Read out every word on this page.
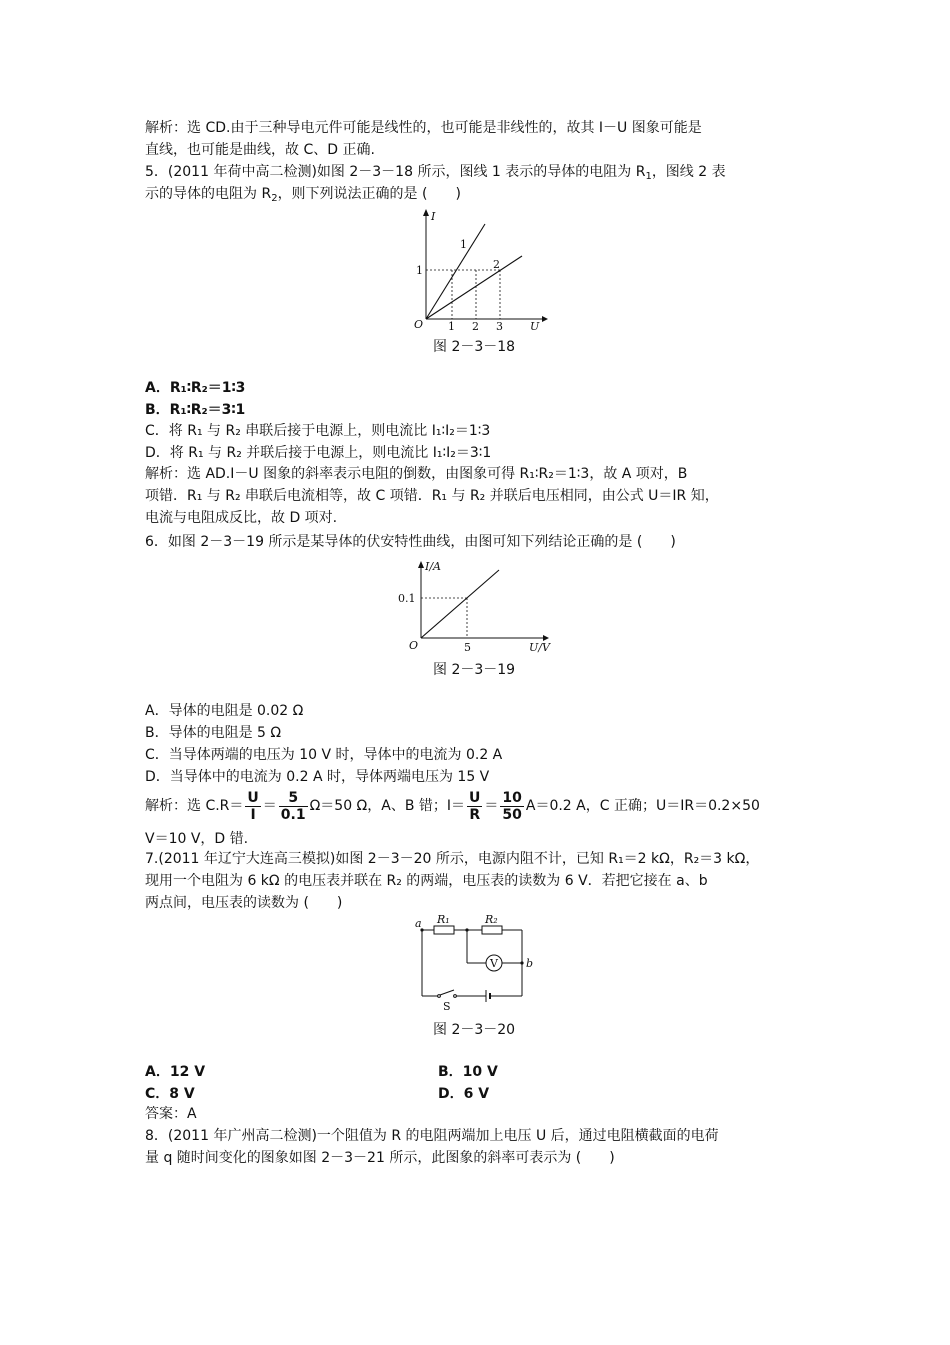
解析：选 CD.由于三种导电元件可能是线性的，也可能是非线性的，故其 I－U 图象可能是
直线，也可能是曲线，故 C、D 正确.
5．(2011 年荷中高二检测)如图 2－3－18 所示，图线 1 表示的导体的电阻为 $R_1$，图线 2 表
示的导体的电阻为 $R_2$，则下列说法正确的是 (　　)
I
U
O
1
1 2 3
1
2
图 2－3－18
A．R₁∶R₂＝1∶3
B．R₁∶R₂＝3∶1
C．将 R₁ 与 R₂ 串联后接于电源上，则电流比 I₁∶I₂＝1∶3
D．将 R₁ 与 R₂ 并联后接于电源上，则电流比 I₁∶I₂＝3∶1
解析：选 AD.I－U 图象的斜率表示电阻的倒数，由图象可得 R₁∶R₂＝1∶3，故 A 项对，B
项错．R₁ 与 R₂ 串联后电流相等，故 C 项错．R₁ 与 R₂ 并联后电压相同，由公式 U＝IR 知，
电流与电阻成反比，故 D 项对.
6．如图 2－3－19 所示是某导体的伏安特性曲线，由图可知下列结论正确的是 (　　)
I/A
U/V
O
0.1
5
图 2－3－19
A．导体的电阻是 0.02 Ω
B．导体的电阻是 5 Ω
C．当导体两端的电压为 10 V 时，导体中的电流为 0.2 A
D．当导体中的电流为 0.2 A 时，导体两端电压为 15 V
解析：选 $C.R= \frac{U}{I} = \frac{5}{0.1} \Omega=50$ Ω，A、B 错；$I= \frac{U}{R} = \frac{10}{50} A=0.2$ A，C 正确；U＝IR＝0.2×50
V＝10 V，D 错.
7.(2011 年辽宁大连高三模拟)如图 2－3－20 所示，电源内阻不计，已知 R₁＝2 kΩ，R₂＝3 kΩ，
现用一个电阻为 6 kΩ 的电压表并联在 R₂ 的两端，电压表的读数为 6 V．若把它接在 a、b
两点间，电压表的读数为 (　　)
a
b
R₁	R₂
V
S
图 2－3－20
A．12 V	B．10 V
C．8 V	D．6 V
答案：A
8．(2011 年广州高二检测)一个阻值为 R 的电阻两端加上电压 U 后，通过电阻横截面的电荷
量 q 随时间变化的图象如图 2－3－21 所示，此图象的斜率可表示为 (　　)
